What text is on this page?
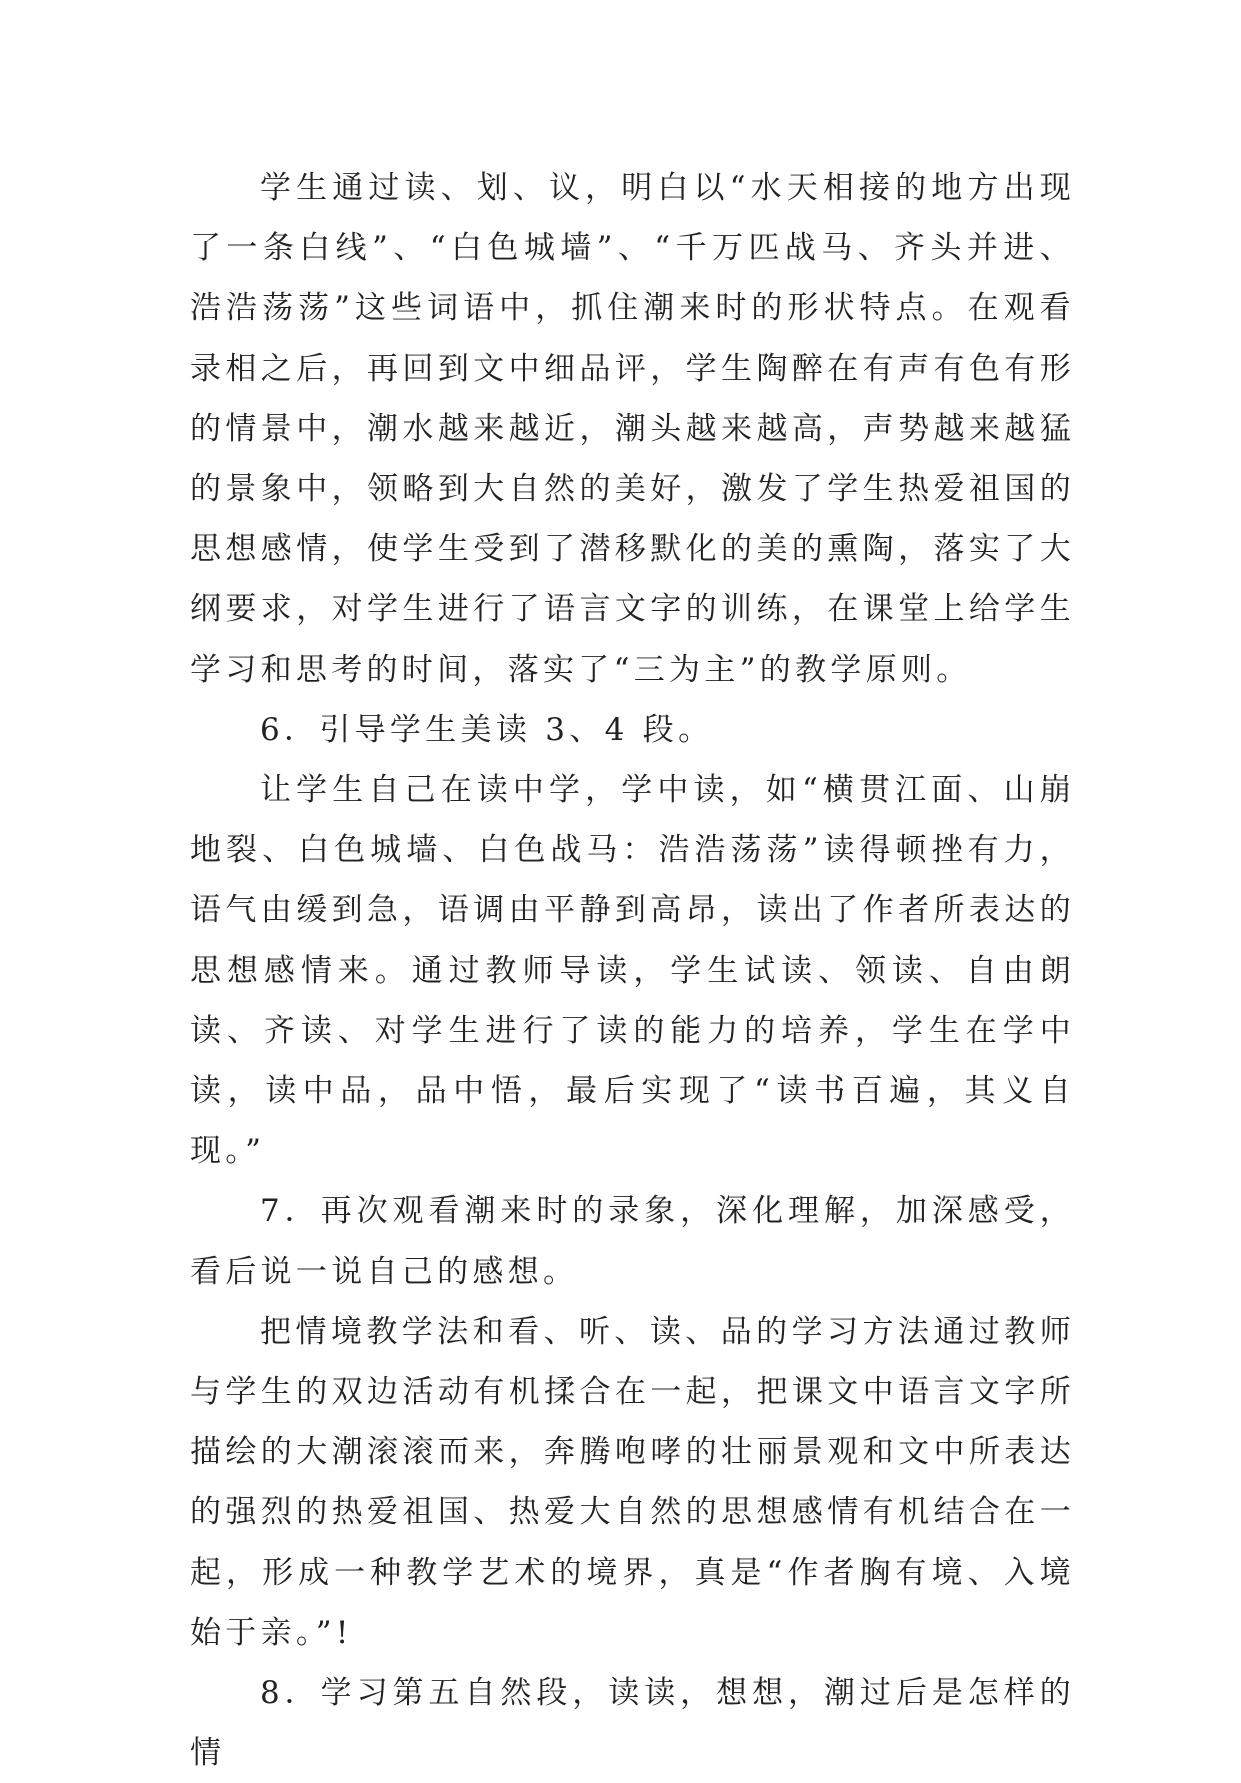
学生通过读、划、议，明白以“水天相接的地方出现了一条白线”、“白色城墙”、“千万匹战马、齐头并进、浩浩荡荡”这些词语中，抓住潮来时的形状特点。在观看录相之后，再回到文中细品评，学生陶醉在有声有色有形的情景中，潮水越来越近，潮头越来越高，声势越来越猛的景象中，领略到大自然的美好，激发了学生热爱祖国的思想感情，使学生受到了潜移默化的美的熏陶，落实了大纲要求，对学生进行了语言文字的训练，在课堂上给学生学习和思考的时间，落实了“三为主”的教学原则。

6．引导学生美读 3、4 段。

让学生自己在读中学，学中读，如“横贯江面、山崩地裂、白色城墙、白色战马：浩浩荡荡”读得顿挫有力，语气由缓到急，语调由平静到高昂，读出了作者所表达的思想感情来。通过教师导读，学生试读、领读、自由朗读、齐读、对学生进行了读的能力的培养，学生在学中读，读中品，品中悟，最后实现了“读书百遍，其义自现。”

7．再次观看潮来时的录象，深化理解，加深感受，看后说一说自己的感想。

把情境教学法和看、听、读、品的学习方法通过教师与学生的双边活动有机揉合在一起，把课文中语言文字所描绘的大潮滚滚而来，奔腾咆哮的壮丽景观和文中所表达的强烈的热爱祖国、热爱大自然的思想感情有机结合在一起，形成一种教学艺术的境界，真是“作者胸有境、入境始于亲。”!

8．学习第五自然段，读读，想想，潮过后是怎样的情
